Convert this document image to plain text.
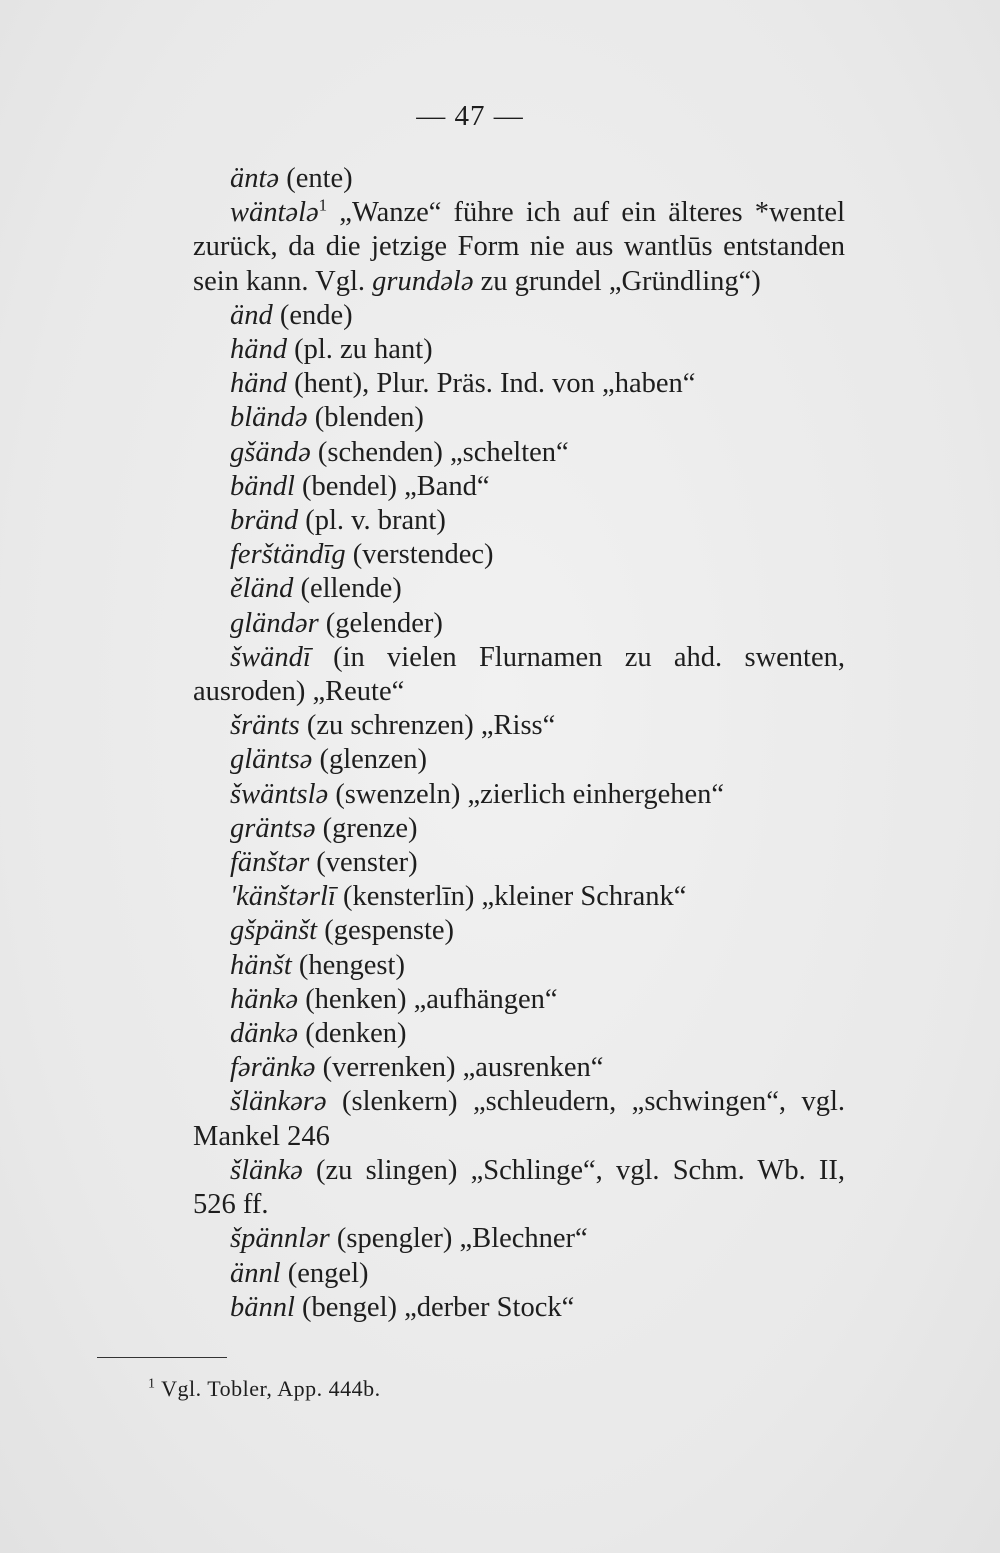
— 47 —
äntə (ente)
wäntələ$^1$ „Wanze“ führe ich auf ein älteres *wentel zurück, da die jetzige Form nie aus wantlūs entstanden sein kann. Vgl. grundələ zu grundel „Gründling“)
änd (ende)
händ (pl. zu hant)
händ (hent), Plur. Präs. Ind. von „haben“
bländə (blenden)
gšändə (schenden) „schelten“
bändl (bendel) „Band“
bränd (pl. v. brant)
ferštändīg (verstendec)
ěländ (ellende)
gländər (gelender)
šwändī (in vielen Flurnamen zu ahd. swenten, ausroden) „Reute“
šränts (zu schrenzen) „Riss“
gläntsə (glenzen)
šwäntslə (swenzeln) „zierlich einhergehen“
gräntsə (grenze)
fänštər (venster)
'känštərlī (kensterlīn) „kleiner Schrank“
gšpänšt (gespenste)
hänšt (hengest)
hänkə (henken) „aufhängen“
dänkə (denken)
fəränkə (verrenken) „ausrenken“
šlänkərə (slenkern) „schleudern, „schwingen“, vgl. Mankel 246
šlänkə (zu slingen) „Schlinge“, vgl. Schm. Wb. II, 526 ff.
špännlər (spengler) „Blechner“
ännl (engel)
bännl (bengel) „derber Stock“
$^1$ Vgl. Tobler, App. 444b.
